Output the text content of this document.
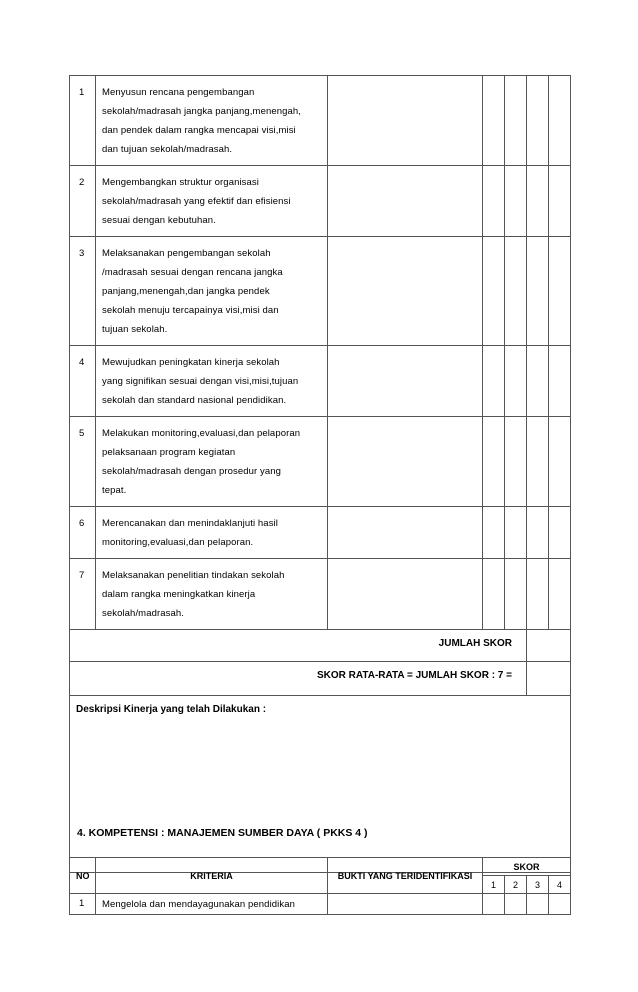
1	Menyusun rencana pengembangan
sekolah/madrasah jangka panjang,menengah,
dan pendek dalam rangka mencapai visi,misi
dan tujuan sekolah/madrasah.					

2	Mengembangkan struktur organisasi
sekolah/madrasah yang efektif dan efisiensi
sesuai dengan kebutuhan.					

3	Melaksanakan pengembangan sekolah
/madrasah sesuai dengan rencana jangka
panjang,menengah,dan jangka pendek
sekolah menuju tercapainya visi,misi dan
tujuan sekolah.					

4	Mewujudkan peningkatan kinerja sekolah
yang signifikan sesuai dengan visi,misi,tujuan
sekolah dan standard nasional pendidikan.					

5	Melakukan monitoring,evaluasi,dan pelaporan
pelaksanaan program kegiatan
sekolah/madrasah dengan prosedur yang
tepat.					

6	Merencanakan dan menindaklanjuti hasil
monitoring,evaluasi,dan pelaporan.					

7	Melaksanakan penelitian tindakan sekolah
dalam rangka meningkatkan kinerja
sekolah/madrasah.					

JUMLAH SKOR						
SKOR RATA-RATA = JUMLAH SKOR : 7 =						
Deskripsi Kinerja yang telah Dilakukan :						
4. KOMPETENSI : MANAJEMEN SUMBER DAYA ( PKKS 4 )
NO	KRITERIA	BUKTI YANG TERIDENTIFIKASI	SKOR			
			1	2	3	4
1	Mengelola dan mendayagunakan pendidikan					
